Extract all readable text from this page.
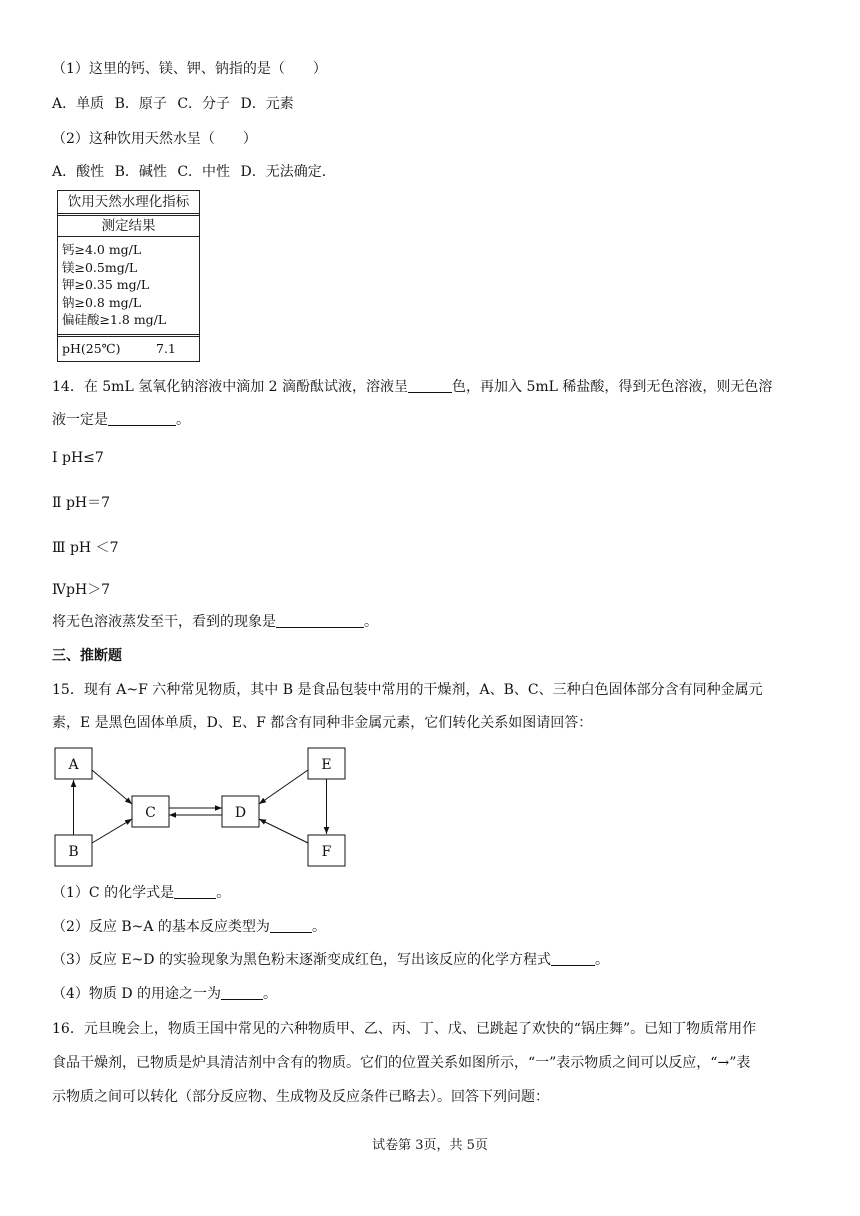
（1）这里的钙、镁、钾、钠指的是（　　）
A．单质 B．原子 C．分子 D．元素
（2）这种饮用天然水呈（　　）
A．酸性 B．碱性 C．中性 D．无法确定．
饮用天然水理化指标
测定结果
钙≥4.0 mg/L
镁≥0.5mg/L
钾≥0.35 mg/L
钠≥0.8 mg/L
偏硅酸≥1.8 mg/L
pH(25℃)	7.1
14．在 5mL 氢氧化钠溶液中滴加 2 滴酚酞试液，溶液呈	色，再加入 5mL 稀盐酸，得到无色溶液，则无色溶
液一定是	。
Ⅰ pH≤7
Ⅱ pH＝7
Ⅲ pH ＜7
ⅣpH＞7
将无色溶液蒸发至干，看到的现象是	。
三、推断题
15．现有 A~F 六种常见物质，其中 B 是食品包装中常用的干燥剂，A、B、C、三种白色固体部分含有同种金属元
素，E 是黑色固体单质，D、E、F 都含有同种非金属元素，它们转化关系如图请回答：
A
B
C	D
E
F
（1）C 的化学式是	。
（2）反应 B~A 的基本反应类型为	。
（3）反应 E~D 的实验现象为黑色粉末逐渐变成红色，写出该反应的化学方程式	。
（4）物质 D 的用途之一为	。
16．元旦晚会上，物质王国中常见的六种物质甲、乙、丙、丁、戊、已跳起了欢快的“锅庄舞”。已知丁物质常用作
食品干燥剂，已物质是炉具清洁剂中含有的物质。它们的位置关系如图所示，“一”表示物质之间可以反应，“→”表
示物质之间可以转化（部分反应物、生成物及反应条件已略去）。回答下列问题：
试卷第 3页，共 5页
